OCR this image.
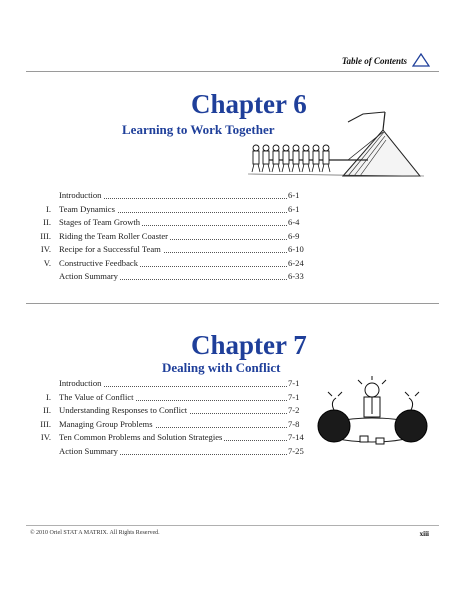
Table of Contents
Chapter 6
Learning to Work Together
Introduction	6-1
I. Team Dynamics	6-1
II. Stages of Team Growth	6-4
III. Riding the Team Roller Coaster	6-9
IV. Recipe for a Successful Team	6-10
V. Constructive Feedback	6-24
Action Summary	6-33
Chapter 7
Dealing with Conflict
Introduction	7-1
I. The Value of Conflict	7-1
II. Understanding Responses to Conflict	7-2
III. Managing Group Problems	7-8
IV. Ten Common Problems and Solution Strategies	7-14
Action Summary	7-25
© 2010 Oriel STAT A MATRIX. All Rights Reserved.	xiii
